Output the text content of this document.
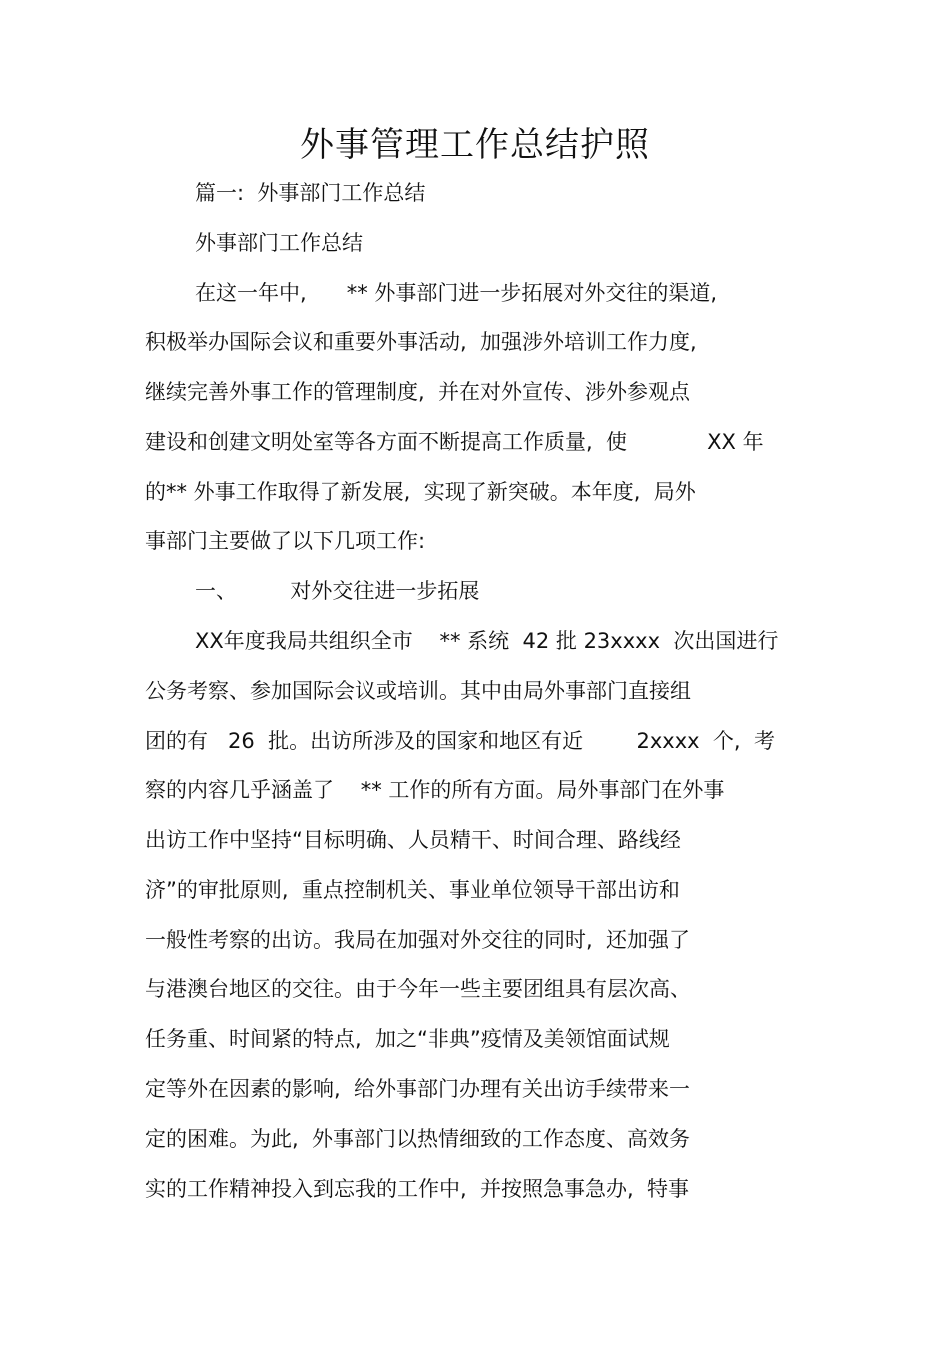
外事管理工作总结护照
篇一:  外事部门工作总结
外事部门工作总结
在这一年中,      ** 外事部门进一步拓展对外交往的渠道,
积极举办国际会议和重要外事活动,  加强涉外培训工作力度,
继续完善外事工作的管理制度,  并在对外宣传、涉外参观点
建设和创建文明处室等各方面不断提高工作质量,  使            XX 年
的** 外事工作取得了新发展,  实现了新突破。本年度,  局外
事部门主要做了以下几项工作:
一、        对外交往进一步拓展
XX年度我局共组织全市    ** 系统  42 批 23xxxx  次出国进行
公务考察、参加国际会议或培训。其中由局外事部门直接组
团的有   26  批。出访所涉及的国家和地区有近        2xxxx  个,  考
察的内容几乎涵盖了    ** 工作的所有方面。局外事部门在外事
出访工作中坚持“目标明确、人员精干、时间合理、路线经
济”的审批原则,  重点控制机关、事业单位领导干部出访和
一般性考察的出访。我局在加强对外交往的同时,  还加强了
与港澳台地区的交往。由于今年一些主要团组具有层次高、
任务重、时间紧的特点,  加之“非典”疫情及美领馆面试规
定等外在因素的影响,  给外事部门办理有关出访手续带来一
定的困难。为此,  外事部门以热情细致的工作态度、高效务
实的工作精神投入到忘我的工作中,  并按照急事急办,  特事
